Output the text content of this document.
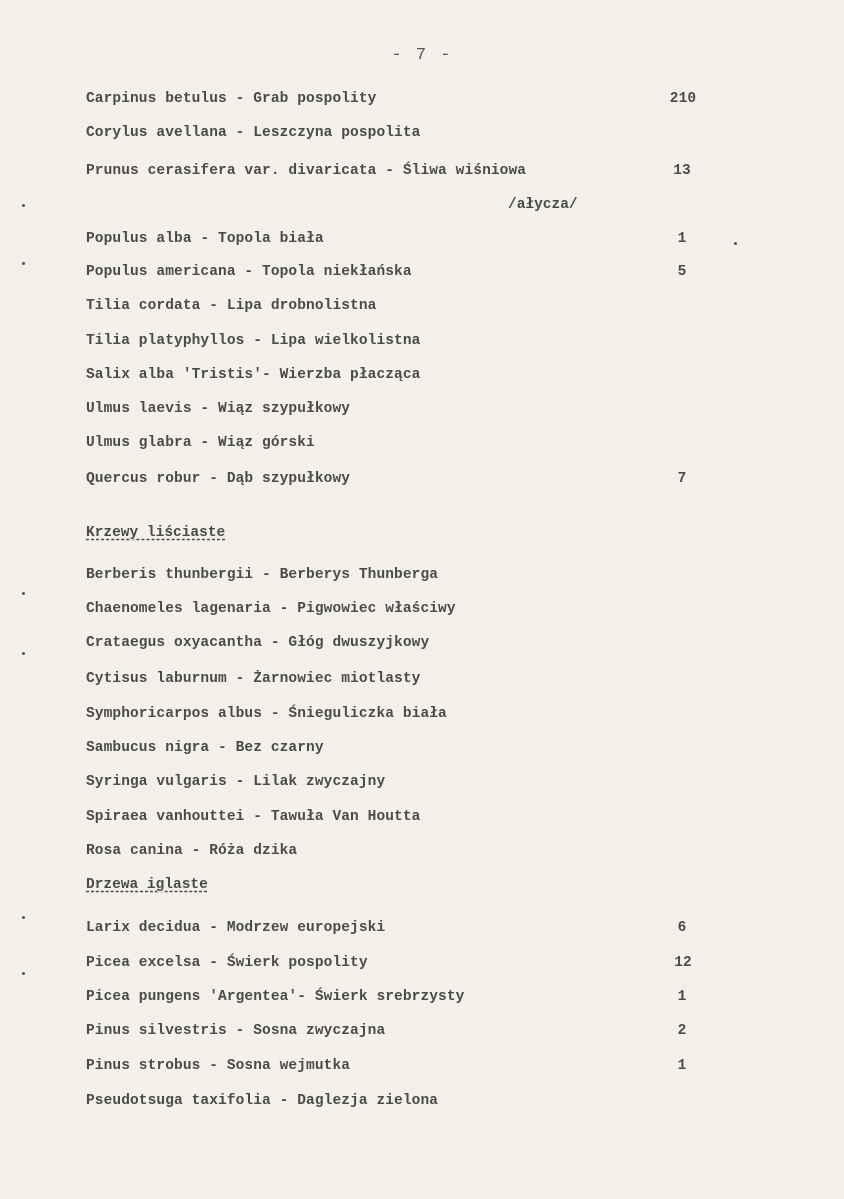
- 7 -
Carpinus betulus - Grab pospolity	210
Corylus avellana - Leszczyna pospolita
Prunus cerasifera var. divaricata - Śliwa wiśniowa	13
/ałycza/
Populus alba - Topola biała	1
Populus americana - Topola niekłańska	5
Tilia cordata - Lipa drobnolistna
Tilia platyphyllos - Lipa wielkolistna
Salix alba 'Tristis'- Wierzba płacząca
Ulmus laevis - Wiąz szypułkowy
Ulmus glabra - Wiąz górski
Quercus robur - Dąb szypułkowy	7
Krzewy liściaste
Berberis thunbergii - Berberys Thunberga
Chaenomeles lagenaria - Pigwowiec właściwy
Crataegus oxyacantha - Głóg dwuszyjkowy
Cytisus laburnum - Żarnowiec miotlasty
Symphoricarpos albus - Śnieguliczka biała
Sambucus nigra - Bez czarny
Syringa vulgaris - Lilak zwyczajny
Spiraea vanhouttei - Tawuła Van Houtta
Rosa canina - Róża dzika
Drzewa iglaste
Larix decidua - Modrzew europejski	6
Picea excelsa - Świerk pospolity	12
Picea pungens 'Argentea'- Świerk srebrzysty	1
Pinus silvestris - Sosna zwyczajna	2
Pinus strobus - Sosna wejmutka	1
Pseudotsuga taxifolia - Daglezja zielona
